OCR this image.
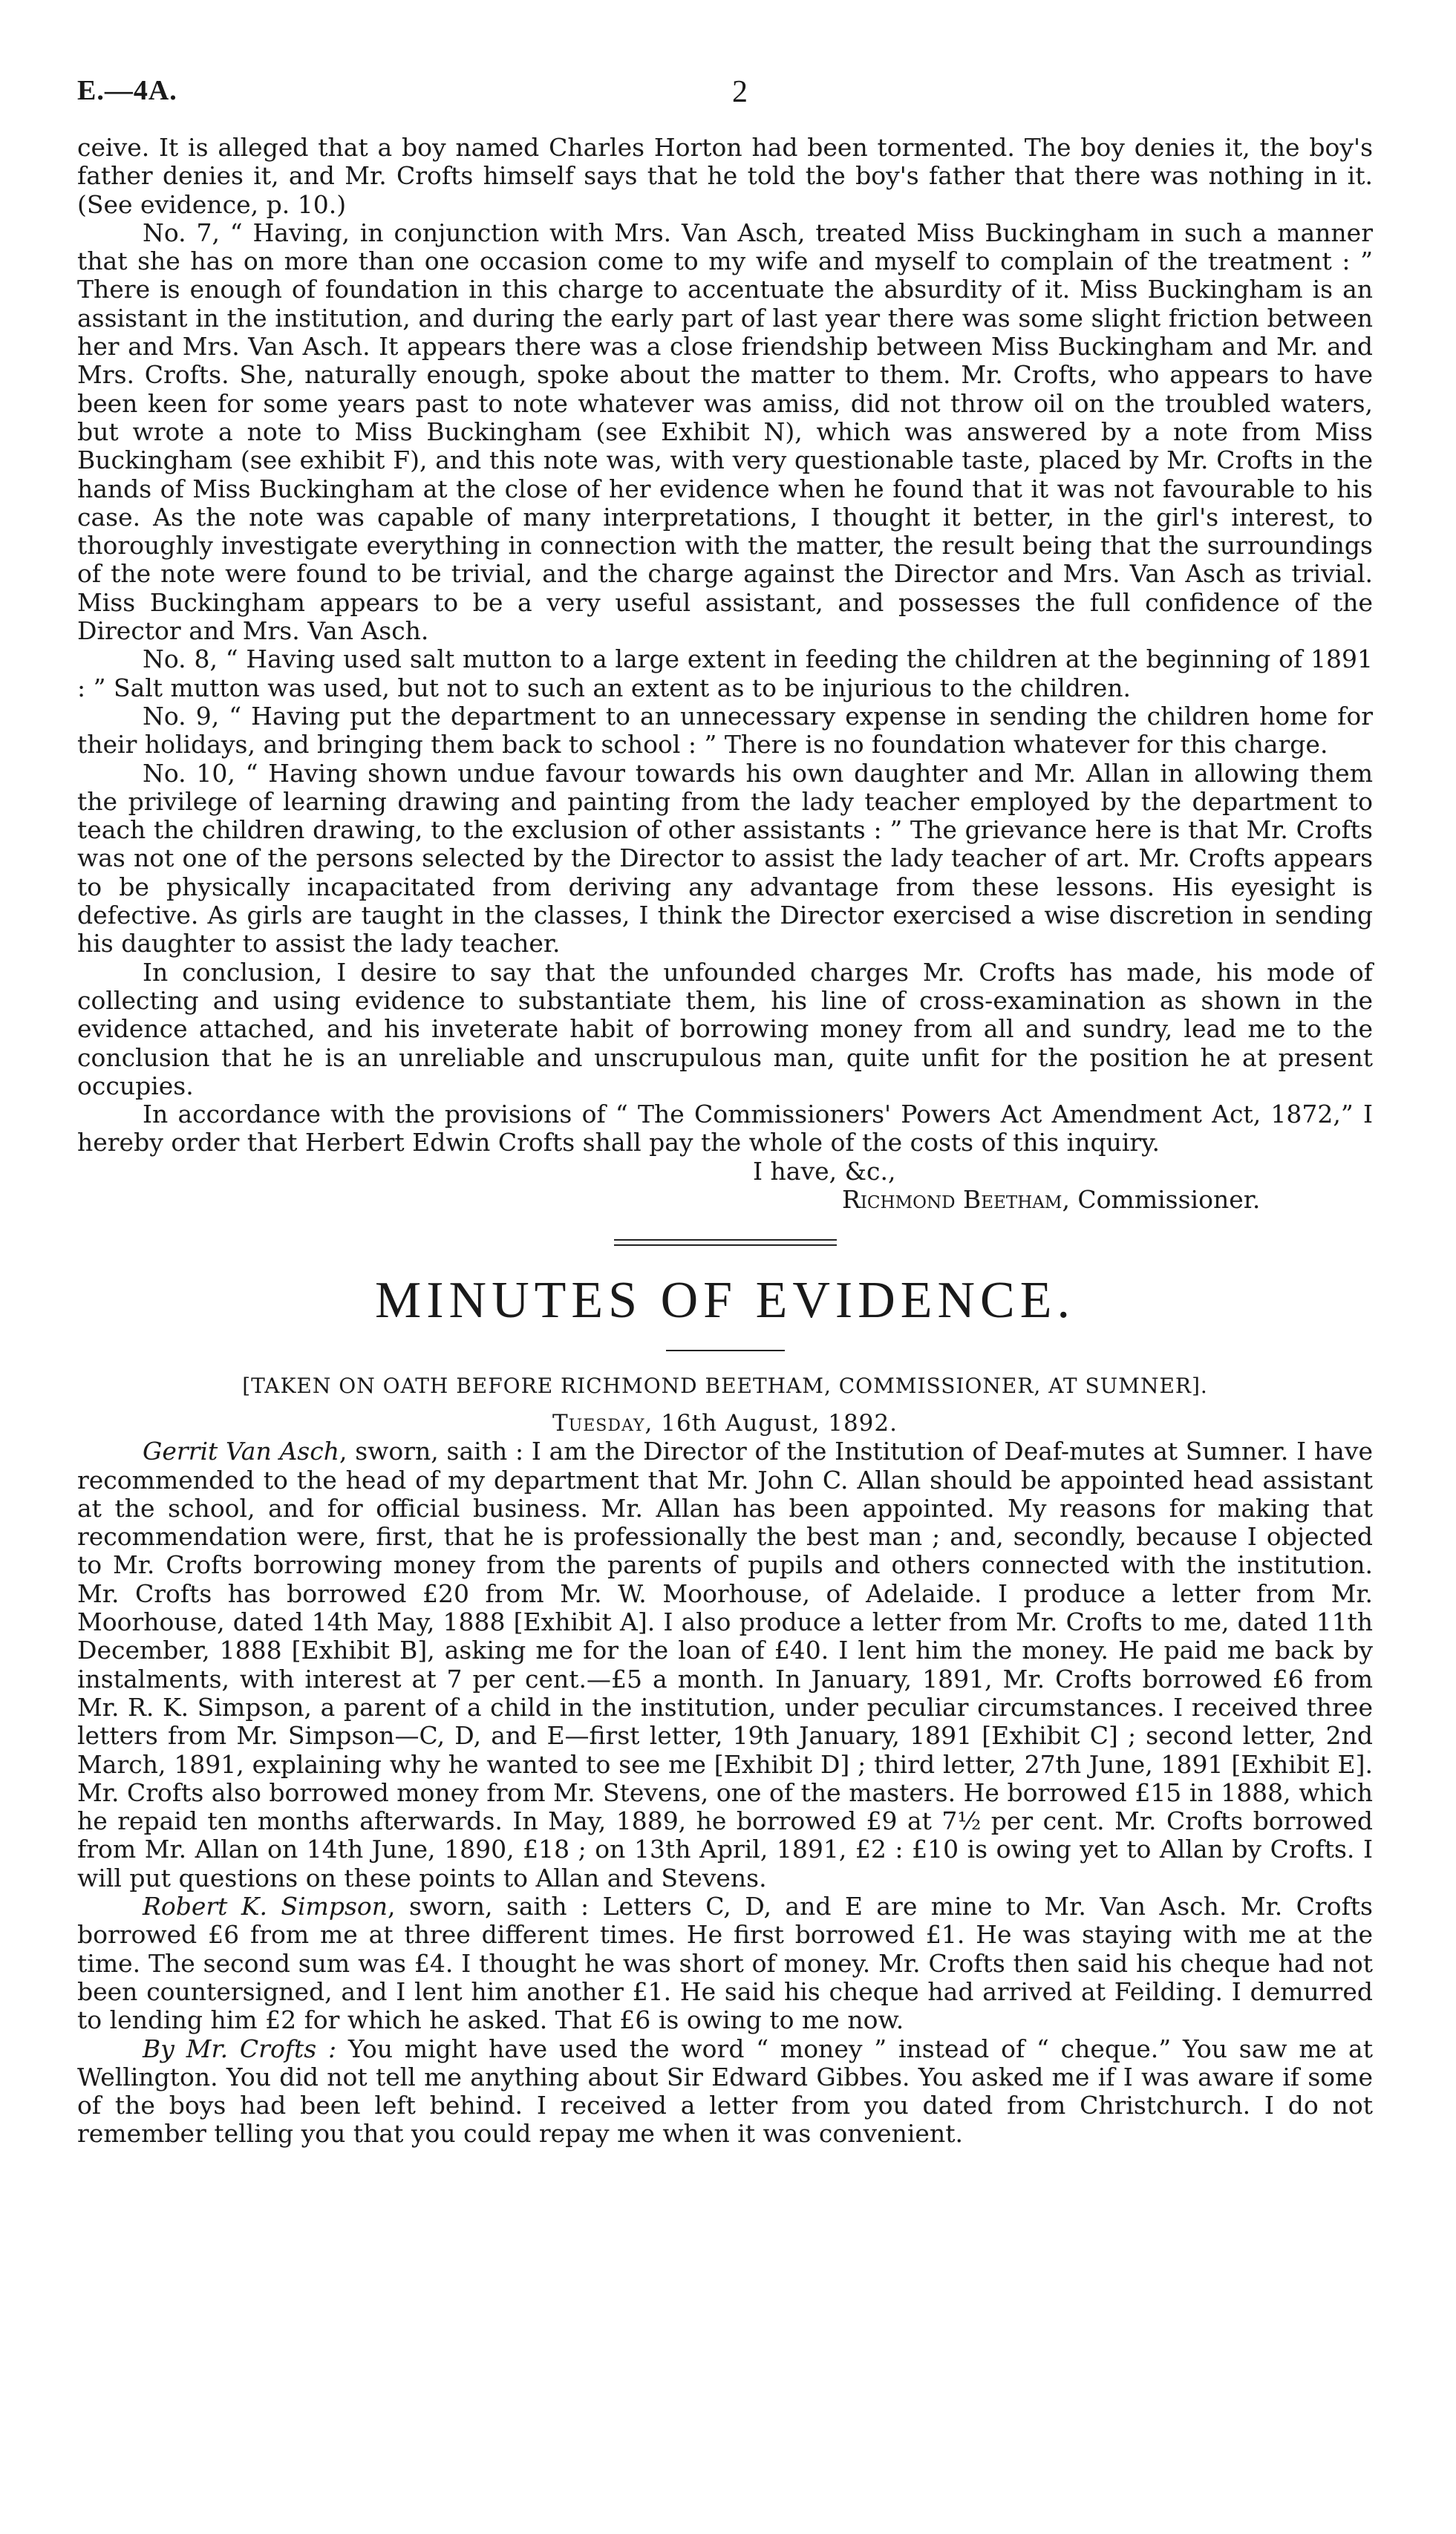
E.—4A.	2

ceive. It is alleged that a boy named Charles Horton had been tormented. The boy denies it, the boy's father denies it, and Mr. Crofts himself says that he told the boy's father that there was nothing in it. (See evidence, p. 10.)

No. 7, “ Having, in conjunction with Mrs. Van Asch, treated Miss Buckingham in such a manner that she has on more than one occasion come to my wife and myself to complain of the treatment : ” There is enough of foundation in this charge to accentuate the absurdity of it. Miss Buckingham is an assistant in the institution, and during the early part of last year there was some slight friction between her and Mrs. Van Asch. It appears there was a close friendship between Miss Buckingham and Mr. and Mrs. Crofts. She, naturally enough, spoke about the matter to them. Mr. Crofts, who appears to have been keen for some years past to note whatever was amiss, did not throw oil on the troubled waters, but wrote a note to Miss Buckingham (see Exhibit N), which was answered by a note from Miss Buckingham (see exhibit F), and this note was, with very questionable taste, placed by Mr. Crofts in the hands of Miss Buckingham at the close of her evidence when he found that it was not favourable to his case. As the note was capable of many interpretations, I thought it better, in the girl's interest, to thoroughly investigate everything in connection with the matter, the result being that the surroundings of the note were found to be trivial, and the charge against the Director and Mrs. Van Asch as trivial. Miss Buckingham appears to be a very useful assistant, and possesses the full confidence of the Director and Mrs. Van Asch.

No. 8, “ Having used salt mutton to a large extent in feeding the children at the beginning of 1891 : ” Salt mutton was used, but not to such an extent as to be injurious to the children.

No. 9, “ Having put the department to an unnecessary expense in sending the children home for their holidays, and bringing them back to school : ” There is no foundation whatever for this charge.

No. 10, “ Having shown undue favour towards his own daughter and Mr. Allan in allowing them the privilege of learning drawing and painting from the lady teacher employed by the department to teach the children drawing, to the exclusion of other assistants : ” The grievance here is that Mr. Crofts was not one of the persons selected by the Director to assist the lady teacher of art. Mr. Crofts appears to be physically incapacitated from deriving any advantage from these lessons. His eyesight is defective. As girls are taught in the classes, I think the Director exercised a wise discretion in sending his daughter to assist the lady teacher.

In conclusion, I desire to say that the unfounded charges Mr. Crofts has made, his mode of collecting and using evidence to substantiate them, his line of cross-examination as shown in the evidence attached, and his inveterate habit of borrowing money from all and sundry, lead me to the conclusion that he is an unreliable and unscrupulous man, quite unfit for the position he at present occupies.

In accordance with the provisions of “ The Commissioners' Powers Act Amendment Act, 1872,” I hereby order that Herbert Edwin Crofts shall pay the whole of the costs of this inquiry.

I have, &c.,

Richmond Beetham, Commissioner.

MINUTES OF EVIDENCE.
[TAKEN ON OATH BEFORE RICHMOND BEETHAM, COMMISSIONER, AT SUMNER].
Tuesday, 16th August, 1892.

Gerrit Van Asch, sworn, saith : I am the Director of the Institution of Deaf-mutes at Sumner. I have recommended to the head of my department that Mr. John C. Allan should be appointed head assistant at the school, and for official business. Mr. Allan has been appointed. My reasons for making that recommendation were, first, that he is professionally the best man ; and, secondly, because I objected to Mr. Crofts borrowing money from the parents of pupils and others connected with the institution. Mr. Crofts has borrowed £20 from Mr. W. Moorhouse, of Adelaide. I produce a letter from Mr. Moorhouse, dated 14th May, 1888 [Exhibit A]. I also produce a letter from Mr. Crofts to me, dated 11th December, 1888 [Exhibit B], asking me for the loan of £40. I lent him the money. He paid me back by instalments, with interest at 7 per cent.—£5 a month. In January, 1891, Mr. Crofts borrowed £6 from Mr. R. K. Simpson, a parent of a child in the institution, under peculiar circumstances. I received three letters from Mr. Simpson—C, D, and E—first letter, 19th January, 1891 [Exhibit C] ; second letter, 2nd March, 1891, explaining why he wanted to see me [Exhibit D] ; third letter, 27th June, 1891 [Exhibit E]. Mr. Crofts also borrowed money from Mr. Stevens, one of the masters. He borrowed £15 in 1888, which he repaid ten months afterwards. In May, 1889, he borrowed £9 at 7½ per cent. Mr. Crofts borrowed from Mr. Allan on 14th June, 1890, £18 ; on 13th April, 1891, £2 : £10 is owing yet to Allan by Crofts. I will put questions on these points to Allan and Stevens.

Robert K. Simpson, sworn, saith : Letters C, D, and E are mine to Mr. Van Asch. Mr. Crofts borrowed £6 from me at three different times. He first borrowed £1. He was staying with me at the time. The second sum was £4. I thought he was short of money. Mr. Crofts then said his cheque had not been countersigned, and I lent him another £1. He said his cheque had arrived at Feilding. I demurred to lending him £2 for which he asked. That £6 is owing to me now.

By Mr. Crofts : You might have used the word “ money ” instead of “ cheque.” You saw me at Wellington. You did not tell me anything about Sir Edward Gibbes. You asked me if I was aware if some of the boys had been left behind. I received a letter from you dated from Christchurch. I do not remember telling you that you could repay me when it was convenient.
